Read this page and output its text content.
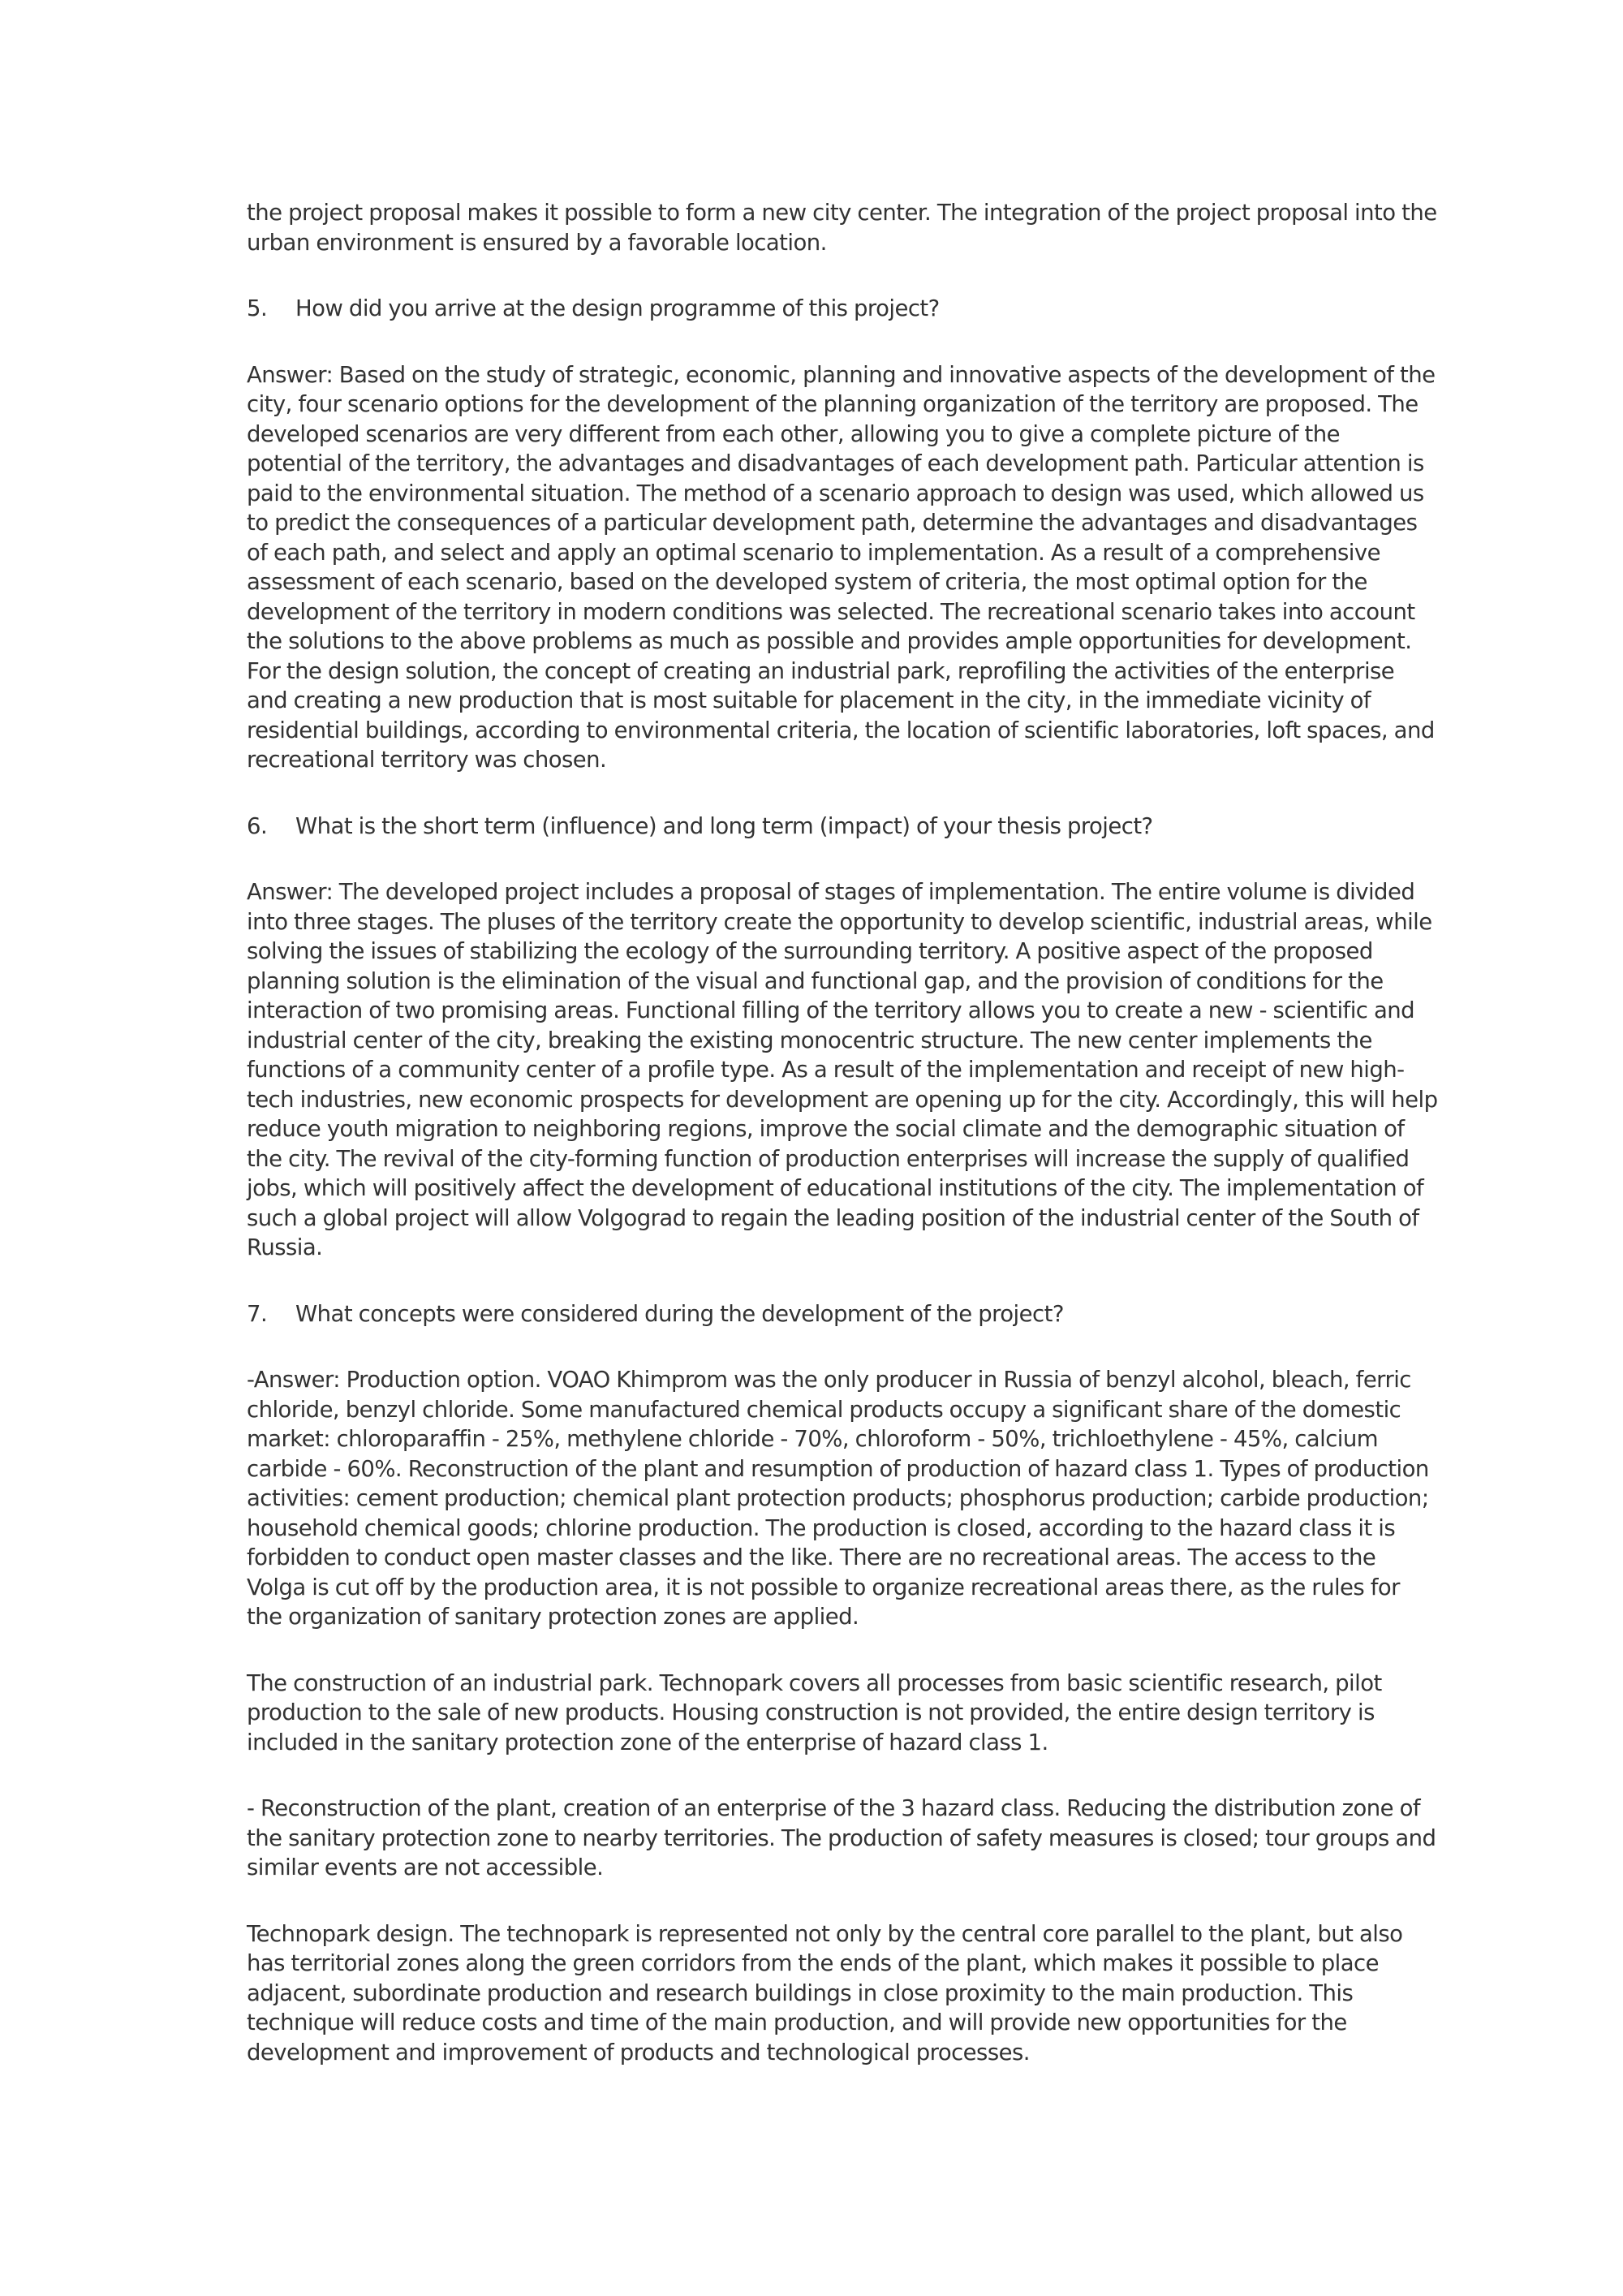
the project proposal makes it possible to form a new city center. The integration of the project proposal into the urban environment is ensured by a favorable location.

5.	How did you arrive at the design programme of this project?

Answer: Based on the study of strategic, economic, planning and innovative aspects of the development of the city, four scenario options for the development of the planning organization of the territory are proposed. The developed scenarios are very different from each other, allowing you to give a complete picture of the potential of the territory, the advantages and disadvantages of each development path. Particular attention is paid to the environmental situation. The method of a scenario approach to design was used, which allowed us to predict the consequences of a particular development path, determine the advantages and disadvantages of each path, and select and apply an optimal scenario to implementation. As a result of a comprehensive assessment of each scenario, based on the developed system of criteria, the most optimal option for the development of the territory in modern conditions was selected. The recreational scenario takes into account the solutions to the above problems as much as possible and provides ample opportunities for development. For the design solution, the concept of creating an industrial park, reprofiling the activities of the enterprise and creating a new production that is most suitable for placement in the city, in the immediate vicinity of residential buildings, according to environmental criteria, the location of scientific laboratories, loft spaces, and recreational territory was chosen.

6.	What is the short term (influence) and long term (impact) of your thesis project?

Answer: The developed project includes a proposal of stages of implementation. The entire volume is divided into three stages. The pluses of the territory create the opportunity to develop scientific, industrial areas, while solving the issues of stabilizing the ecology of the surrounding territory. A positive aspect of the proposed planning solution is the elimination of the visual and functional gap, and the provision of conditions for the interaction of two promising areas. Functional filling of the territory allows you to create a new - scientific and industrial center of the city, breaking the existing monocentric structure. The new center implements the functions of a community center of a profile type. As a result of the implementation and receipt of new high-tech industries, new economic prospects for development are opening up for the city. Accordingly, this will help reduce youth migration to neighboring regions, improve the social climate and the demographic situation of the city. The revival of the city-forming function of production enterprises will increase the supply of qualified jobs, which will positively affect the development of educational institutions of the city. The implementation of such a global project will allow Volgograd to regain the leading position of the industrial center of the South of Russia.

7.	What concepts were considered during the development of the project?

-Answer: Production option. VOAO Khimprom was the only producer in Russia of benzyl alcohol, bleach, ferric chloride, benzyl chloride. Some manufactured chemical products occupy a significant share of the domestic market: chloroparaffin - 25%, methylene chloride - 70%, chloroform - 50%, trichloethylene - 45%, calcium carbide - 60%. Reconstruction of the plant and resumption of production of hazard class 1. Types of production activities: cement production; chemical plant protection products; phosphorus production; carbide production; household chemical goods; chlorine production. The production is closed, according to the hazard class it is forbidden to conduct open master classes and the like. There are no recreational areas. The access to the Volga is cut off by the production area, it is not possible to organize recreational areas there, as the rules for the organization of sanitary protection zones are applied.

The construction of an industrial park. Technopark covers all processes from basic scientific research, pilot production to the sale of new products. Housing construction is not provided, the entire design territory is included in the sanitary protection zone of the enterprise of hazard class 1.

- Reconstruction of the plant, creation of an enterprise of the 3 hazard class. Reducing the distribution zone of the sanitary protection zone to nearby territories. The production of safety measures is closed; tour groups and similar events are not accessible.

Technopark design. The technopark is represented not only by the central core parallel to the plant, but also has territorial zones along the green corridors from the ends of the plant, which makes it possible to place adjacent, subordinate production and research buildings in close proximity to the main production. This technique will reduce costs and time of the main production, and will provide new opportunities for the development and improvement of products and technological processes.
